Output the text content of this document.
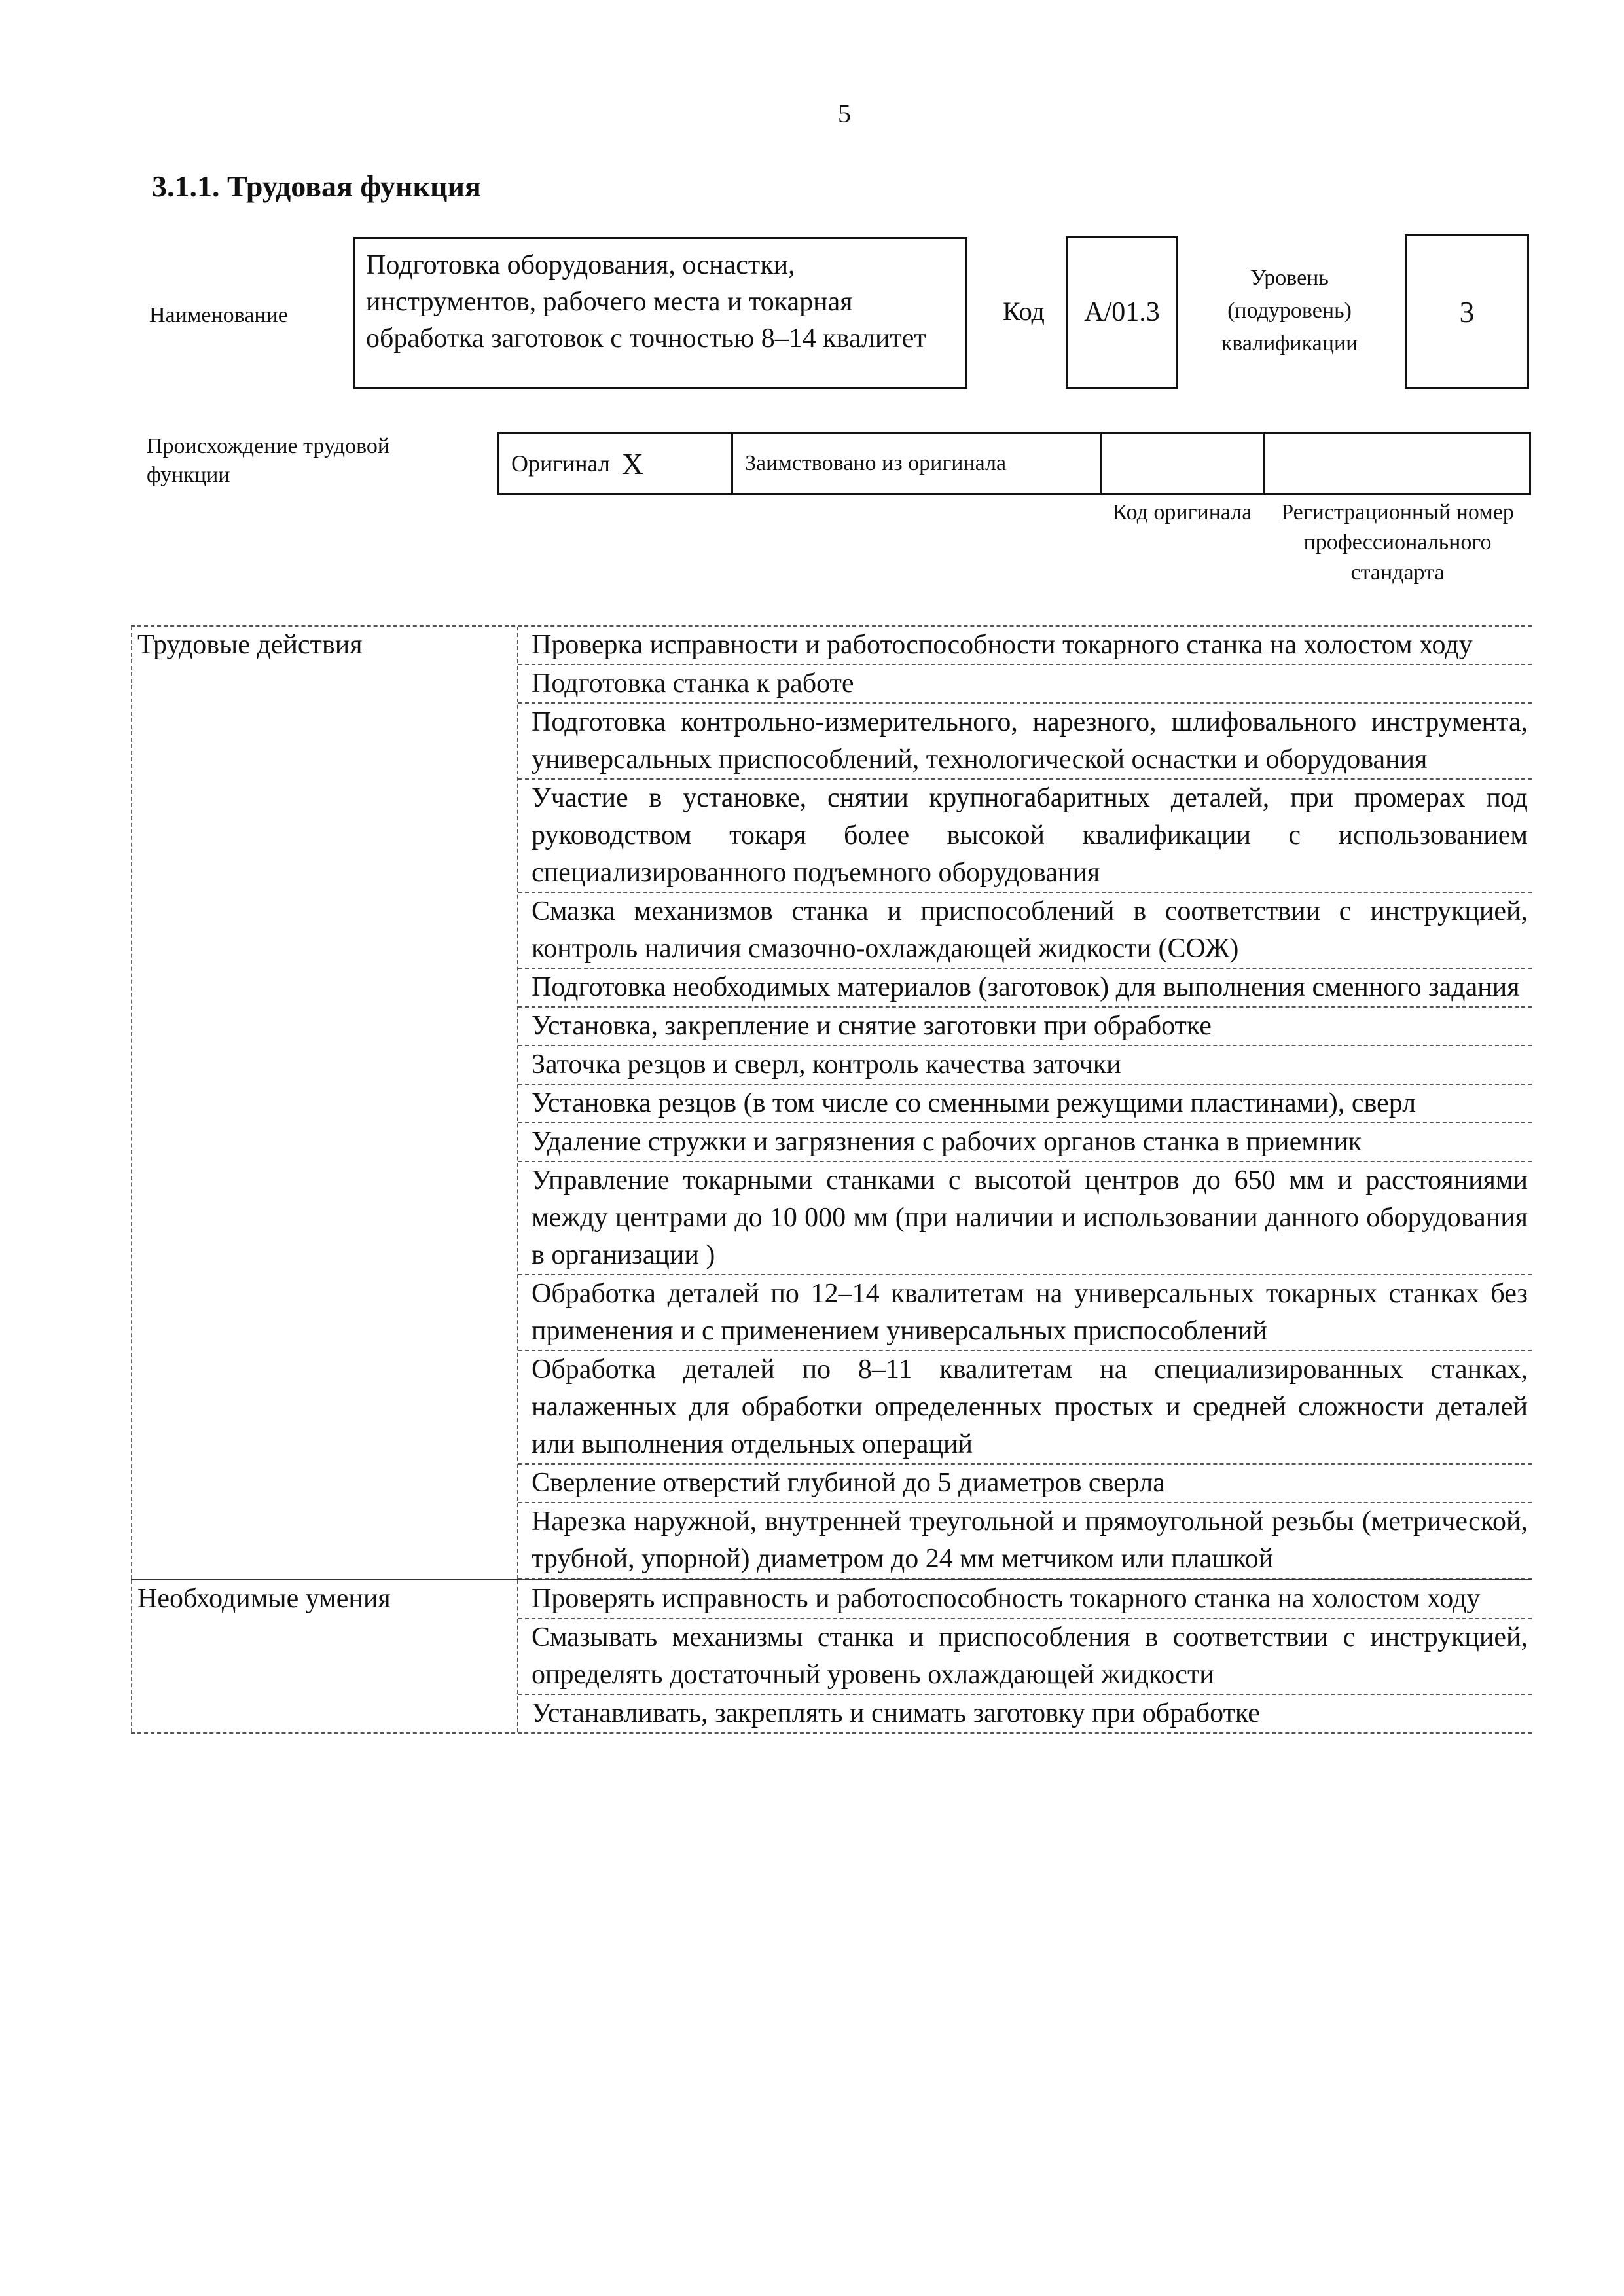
5
3.1.1. Трудовая функция
Наименование
Подготовка оборудования, оснастки, инструментов, рабочего места и токарная обработка заготовок с точностью 8–14 квалитет
Код A/01.3
Уровень (подуровень) квалификации
3
Происхождение трудовой функции	Оригинал X	Заимствовано из оригинала
Код оригинала	Регистрационный номер профессионального стандарта
Трудовые действия	Проверка исправности и работоспособности токарного станка на холостом ходу
Подготовка станка к работе
Подготовка контрольно-измерительного, нарезного, шлифовального инструмента, универсальных приспособлений, технологической оснастки и оборудования
Участие в установке, снятии крупногабаритных деталей, при промерах под руководством токаря более высокой квалификации с использованием специализированного подъемного оборудования
Смазка механизмов станка и приспособлений в соответствии с инструкцией, контроль наличия смазочно-охлаждающей жидкости (СОЖ)
Подготовка необходимых материалов (заготовок) для выполнения сменного задания
Установка, закрепление и снятие заготовки при обработке
Заточка резцов и сверл, контроль качества заточки
Установка резцов (в том числе со сменными режущими пластинами), сверл
Удаление стружки и загрязнения с рабочих органов станка в приемник
Управление токарными станками с высотой центров до 650 мм и расстояниями между центрами до 10 000 мм (при наличии и использовании данного оборудования в организации )
Обработка деталей по 12–14 квалитетам на универсальных токарных станках без применения и с применением универсальных приспособлений
Обработка деталей по 8–11 квалитетам на специализированных станках, налаженных для обработки определенных простых и средней сложности деталей или выполнения отдельных операций
Сверление отверстий глубиной до 5 диаметров сверла
Нарезка наружной, внутренней треугольной и прямоугольной резьбы (метрической, трубной, упорной) диаметром до 24 мм метчиком или плашкой
Необходимые умения	Проверять исправность и работоспособность токарного станка на холостом ходу
Смазывать механизмы станка и приспособления в соответствии с инструкцией, определять достаточный уровень охлаждающей жидкости
Устанавливать, закреплять и снимать заготовку при обработке
